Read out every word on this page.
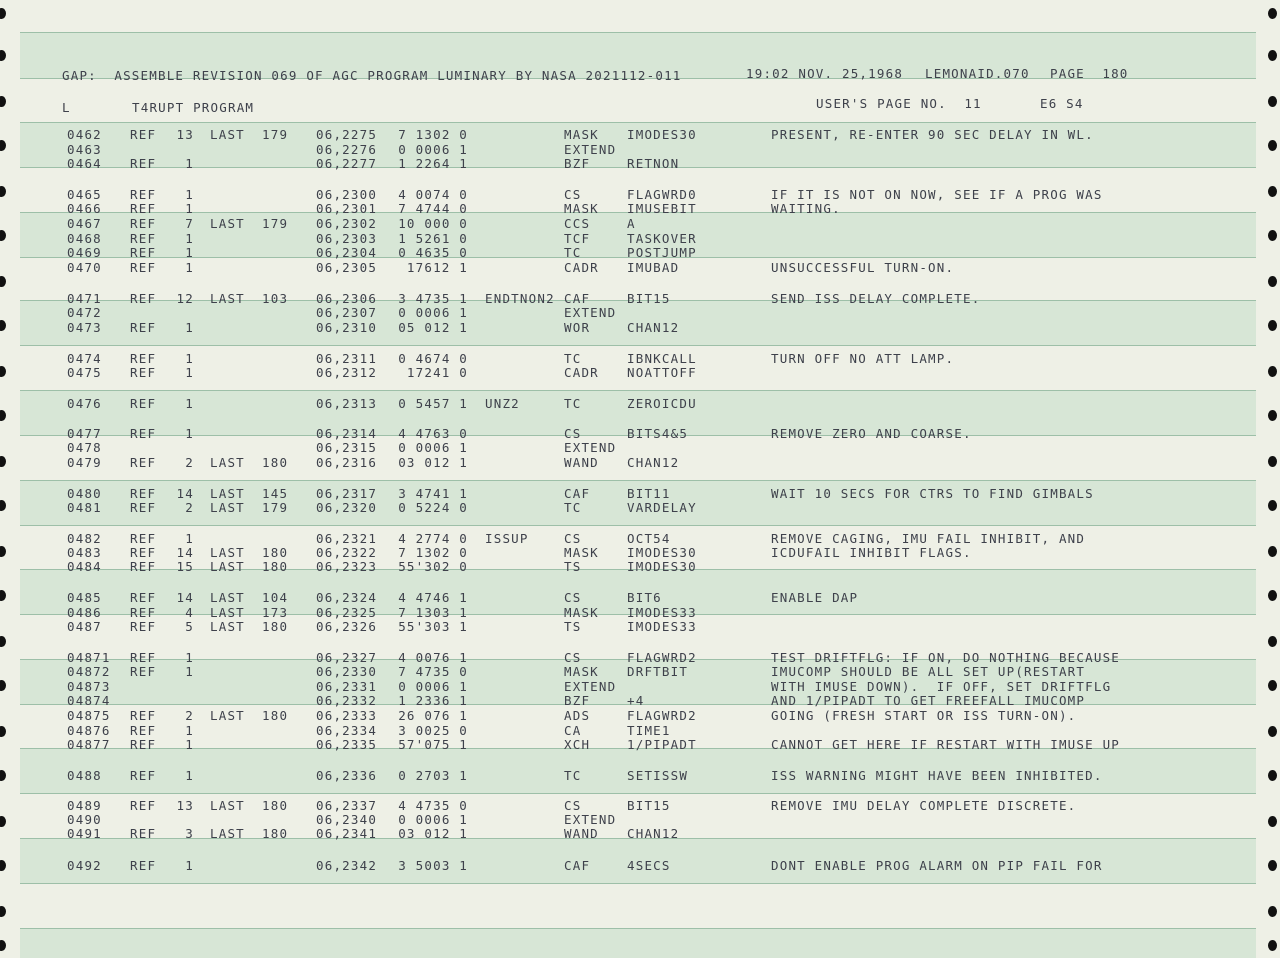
GAP:  ASSEMBLE REVISION 069 OF AGC PROGRAM LUMINARY BY NASA 2021112-011	19:02 NOV. 25,1968 LEMONAID.070 PAGE  180
L	T4RUPT PROGRAM	USER'S PAGE NO.  11	E6 S4
0462 REF	13 LAST 179 06,2275	7 1302 0	MASK IMODES30	PRESENT, RE-ENTER 90 SEC DELAY IN WL.
0463	06,2276	0 0006 1	EXTEND
0464 REF	1	06,2277	1 2264 1	BZF	RETNON
0465 REF	1	06,2300	4 0074 0	CS	FLAGWRD0	IF IT IS NOT ON NOW, SEE IF A PROG WAS
0466 REF	1	06,2301	7 4744 0	MASK IMUSEBIT	WAITING.
0467 REF	7 LAST 179 06,2302	10 000 0	CCS	A
0468 REF	1	06,2303	1 5261 0	TCF	TASKOVER
0469 REF	1	06,2304	0 4635 0	TC	POSTJUMP
0470 REF	1	06,2305	17612 1	CADR IMUBAD	UNSUCCESSFUL TURN-ON.
0471 REF	12 LAST 103 06,2306	3 4735 1 ENDTNON2 CAF	BIT15	SEND ISS DELAY COMPLETE.
0472	06,2307	0 0006 1	EXTEND
0473 REF	1	06,2310	05 012 1	WOR	CHAN12
0474 REF	1	06,2311	0 4674 0	TC	IBNKCALL	TURN OFF NO ATT LAMP.
0475 REF	1	06,2312	17241 0	CADR NOATTOFF
0476 REF	1	06,2313	0 5457 1 UNZ2	TC	ZEROICDU
0477 REF	1	06,2314	4 4763 0	CS	BITS4&5	REMOVE ZERO AND COARSE.
0478	06,2315	0 0006 1	EXTEND
0479 REF	2 LAST 180 06,2316	03 012 1	WAND CHAN12
0480 REF	14 LAST 145 06,2317	3 4741 1	CAF	BIT11	WAIT 10 SECS FOR CTRS TO FIND GIMBALS
0481 REF	2 LAST 179 06,2320	0 5224 0	TC	VARDELAY
0482 REF	1	06,2321	4 2774 0 ISSUP	CS	OCT54	REMOVE CAGING, IMU FAIL INHIBIT, AND
0483 REF	14 LAST 180 06,2322	7 1302 0	MASK IMODES30	ICDUFAIL INHIBIT FLAGS.
0484 REF	15 LAST 180 06,2323	55'302 0	TS	IMODES30
0485 REF	14 LAST 104 06,2324	4 4746 1	CS	BIT6	ENABLE DAP
0486 REF	4 LAST 173 06,2325	7 1303 1	MASK IMODES33
0487 REF	5 LAST 180 06,2326	55'303 1	TS	IMODES33
04871 REF	1	06,2327	4 0076 1	CS	FLAGWRD2	TEST DRIFTFLG: IF ON, DO NOTHING BECAUSE
04872 REF	1	06,2330	7 4735 0	MASK DRFTBIT	IMUCOMP SHOULD BE ALL SET UP(RESTART
04873	06,2331	0 0006 1	EXTEND	WITH IMUSE DOWN).  IF OFF, SET DRIFTFLG
04874	06,2332	1 2336 1	BZF	+4	AND 1/PIPADT TO GET FREEFALL IMUCOMP
04875 REF	2 LAST 180 06,2333	26 076 1	ADS	FLAGWRD2	GOING (FRESH START OR ISS TURN-ON).
04876 REF	1	06,2334	3 0025 0	CA	TIME1
04877 REF	1	06,2335	57'075 1	XCH	1/PIPADT	CANNOT GET HERE IF RESTART WITH IMUSE UP
0488 REF	1	06,2336	0 2703 1	TC	SETISSW	ISS WARNING MIGHT HAVE BEEN INHIBITED.
0489 REF	13 LAST 180 06,2337	4 4735 0	CS	BIT15	REMOVE IMU DELAY COMPLETE DISCRETE.
0490	06,2340	0 0006 1	EXTEND
0491 REF	3 LAST 180 06,2341	03 012 1	WAND CHAN12
0492 REF	1	06,2342	3 5003 1	CAF	4SECS	DONT ENABLE PROG ALARM ON PIP FAIL FOR
